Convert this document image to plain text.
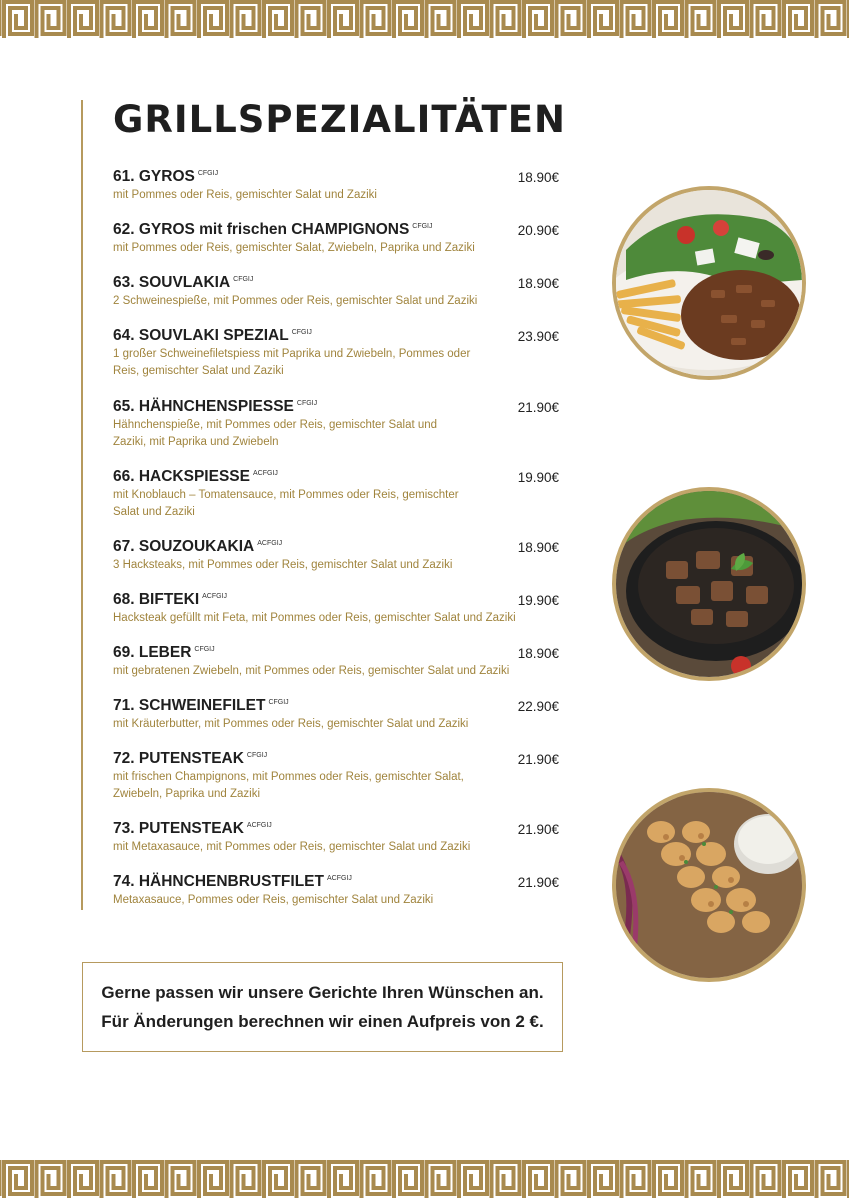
GRILLSPEZIALITÄTEN
61. GYROS $^{CFGIJ}$	18.90€

mit Pommes oder Reis, gemischter Salat und Zaziki

62. GYROS mit frischen CHAMPIGNONS $^{CFGIJ}$	20.90€

mit Pommes oder Reis, gemischter Salat, Zwiebeln, Paprika und Zaziki

63. SOUVLAKIA $^{CFGIJ}$	18.90€

2 Schweinespieße, mit Pommes oder Reis, gemischter Salat und Zaziki

64. SOUVLAKI SPEZIAL $^{CFGIJ}$	23.90€

1 großer Schweinefiletspiess mit Paprika und Zwiebeln, Pommes oder Reis, gemischter Salat und Zaziki

65. HÄHNCHENSPIESSE $^{CFGIJ}$	21.90€

Hähnchenspieße, mit Pommes oder Reis, gemischter Salat und Zaziki, mit Paprika und Zwiebeln

66. HACKSPIESSE $^{ACFGIJ}$	19.90€

mit Knoblauch – Tomatensauce, mit Pommes oder Reis, gemischter Salat und Zaziki

67. SOUZOUKAKIA $^{ACFGIJ}$	18.90€

3 Hacksteaks, mit Pommes oder Reis, gemischter Salat und Zaziki

68. BIFTEKI $^{ACFGIJ}$	19.90€

Hacksteak gefüllt mit Feta, mit Pommes oder Reis, gemischter Salat und Zaziki

69. LEBER $^{CFGIJ}$	18.90€

mit gebratenen Zwiebeln, mit Pommes oder Reis, gemischter Salat und Zaziki

71. SCHWEINEFILET $^{CFGIJ}$	22.90€

mit Kräuterbutter, mit Pommes oder Reis, gemischter Salat und Zaziki

72. PUTENSTEAK $^{CFGIJ}$	21.90€

mit frischen Champignons, mit Pommes oder Reis, gemischter Salat, Zwiebeln, Paprika und Zaziki

73. PUTENSTEAK $^{ACFGIJ}$	21.90€

mit Metaxasauce, mit Pommes oder Reis, gemischter Salat und Zaziki

74. HÄHNCHENBRUSTFILET $^{ACFGIJ}$	21.90€

Metaxasauce, Pommes oder Reis, gemischter Salat und Zaziki

Gerne passen wir unsere Gerichte Ihren Wünschen an.
Für Änderungen berechnen wir einen Aufpreis von 2 €.
